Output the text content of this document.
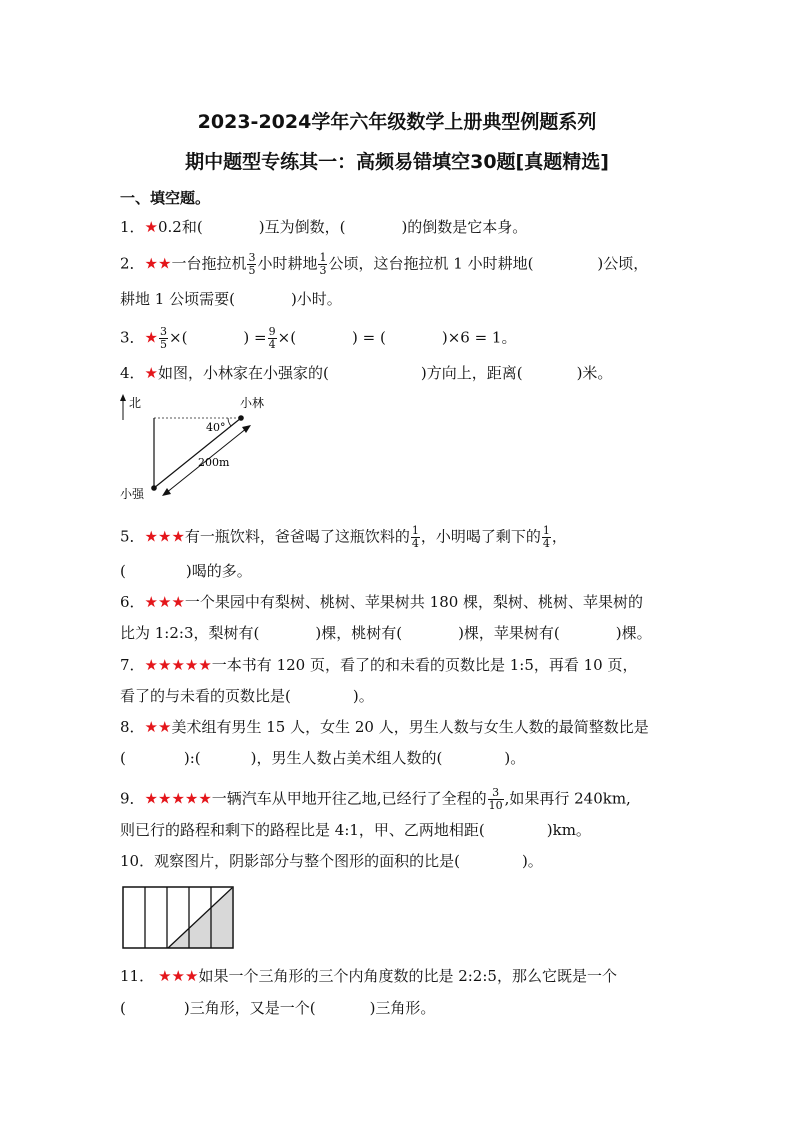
2023-2024学年六年级数学上册典型例题系列
期中题型专练其一：高频易错填空30题[真题精选]
一、填空题。
1．★0.2和(	)互为倒数，(	)的倒数是它本身。
2．★★一台拖拉机 $\frac{3}{5}$ 小时耕地 $\frac{1}{3}$ 公顷，这台拖拉机 1 小时耕地(	)公顷，
耕地 1 公顷需要(	)小时。
3．★ $\frac{3}{5}$ ×(	) = $\frac{9}{4}$ ×(	) = (	)×6 = 1。
4．★如图，小林家在小强家的(	)方向上，距离(	)米。
北	小林
40°
200m
小强
5．★★★有一瓶饮料，爸爸喝了这瓶饮料的 $\frac{1}{4}$ ，小明喝了剩下的 $\frac{1}{4}$ ，
(	)喝的多。
6．★★★一个果园中有梨树、桃树、苹果树共 180 棵，梨树、桃树、苹果树的
比为 1:2:3，梨树有(	)棵，桃树有(	)棵，苹果树有(	)棵。
7．★★★★★一本书有 120 页，看了的和未看的页数比是 1:5，再看 10 页，
看了的与未看的页数比是(	)。
8．★★美术组有男生 15 人，女生 20 人，男生人数与女生人数的最简整数比是
(	):(	)，男生人数占美术组人数的(	)。
9．★★★★★一辆汽车从甲地开往乙地,已经行了全程的 $\frac{3}{10}$ ,如果再行 240km,
则已行的路程和剩下的路程比是 4:1，甲、乙两地相距(	)km。
10．观察图片，阴影部分与整个图形的面积的比是(	)。
11． ★★★如果一个三角形的三个内角度数的比是 2:2:5，那么它既是一个
(	)三角形，又是一个(	)三角形。
